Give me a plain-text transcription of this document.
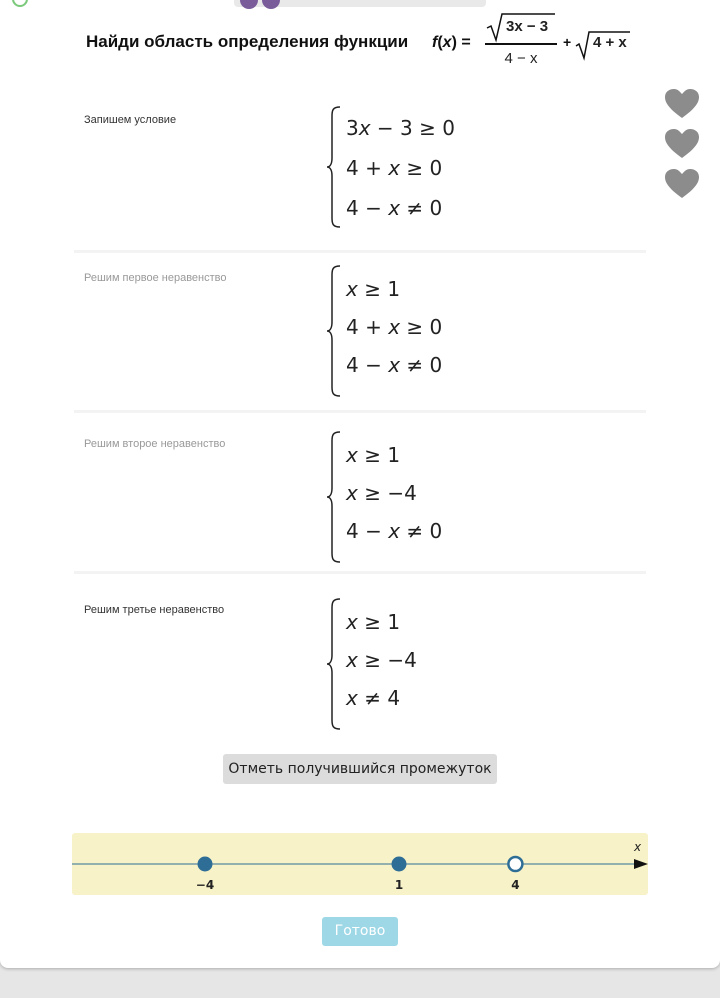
Найди область определения функции f(x) =
3x − 3
4 − x
+ 4 + x
Запишем условие	3x − 3 ≥ 0
4 + x ≥ 0
4 − x ≠ 0
Решим первое неравенство	x ≥ 1
4 + x ≥ 0
4 − x ≠ 0
Решим второе неравенство	x ≥ 1
x ≥ −4
4 − x ≠ 0
Решим третье неравенство	x ≥ 1
x ≥ −4
x ≠ 4
Отметь получившийся промежуток
x
−4	1	4
Готово
